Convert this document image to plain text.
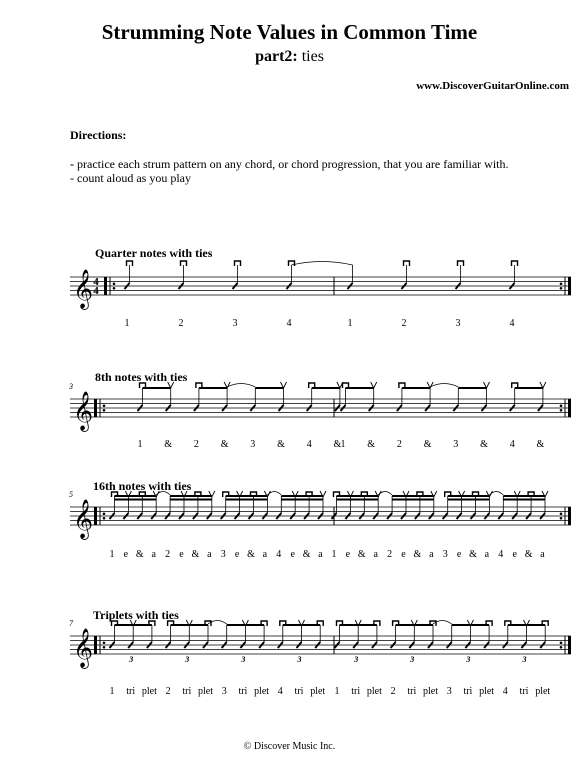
Strumming Note Values in Common Time
part2: ties
www.DiscoverGuitarOnline.com
Directions:
- practice each strum pattern on any chord, or chord progression, that you are familiar with.
- count aloud as you play
Quarter notes with ties
8th notes with ties
16th notes with ties
Triplets with ties
𝄞 4
4
1	2	3	4	1	2	3	4
𝄞
3
1 & 2 & 3 & 4 & 1 & 2 & 3 & 4 &
𝄞
5
1 e & a 2 e & a 3 e & a 4 e & a 1 e & a 2 e & a 3 e & a 4 e & a
𝄞
7
3	3	3	3	3	3	3	3
1 tri plet 2 tri plet 3 tri plet 4 tri plet 1 tri plet 2 tri plet 3 tri plet 4 tri plet
© Discover Music Inc.
